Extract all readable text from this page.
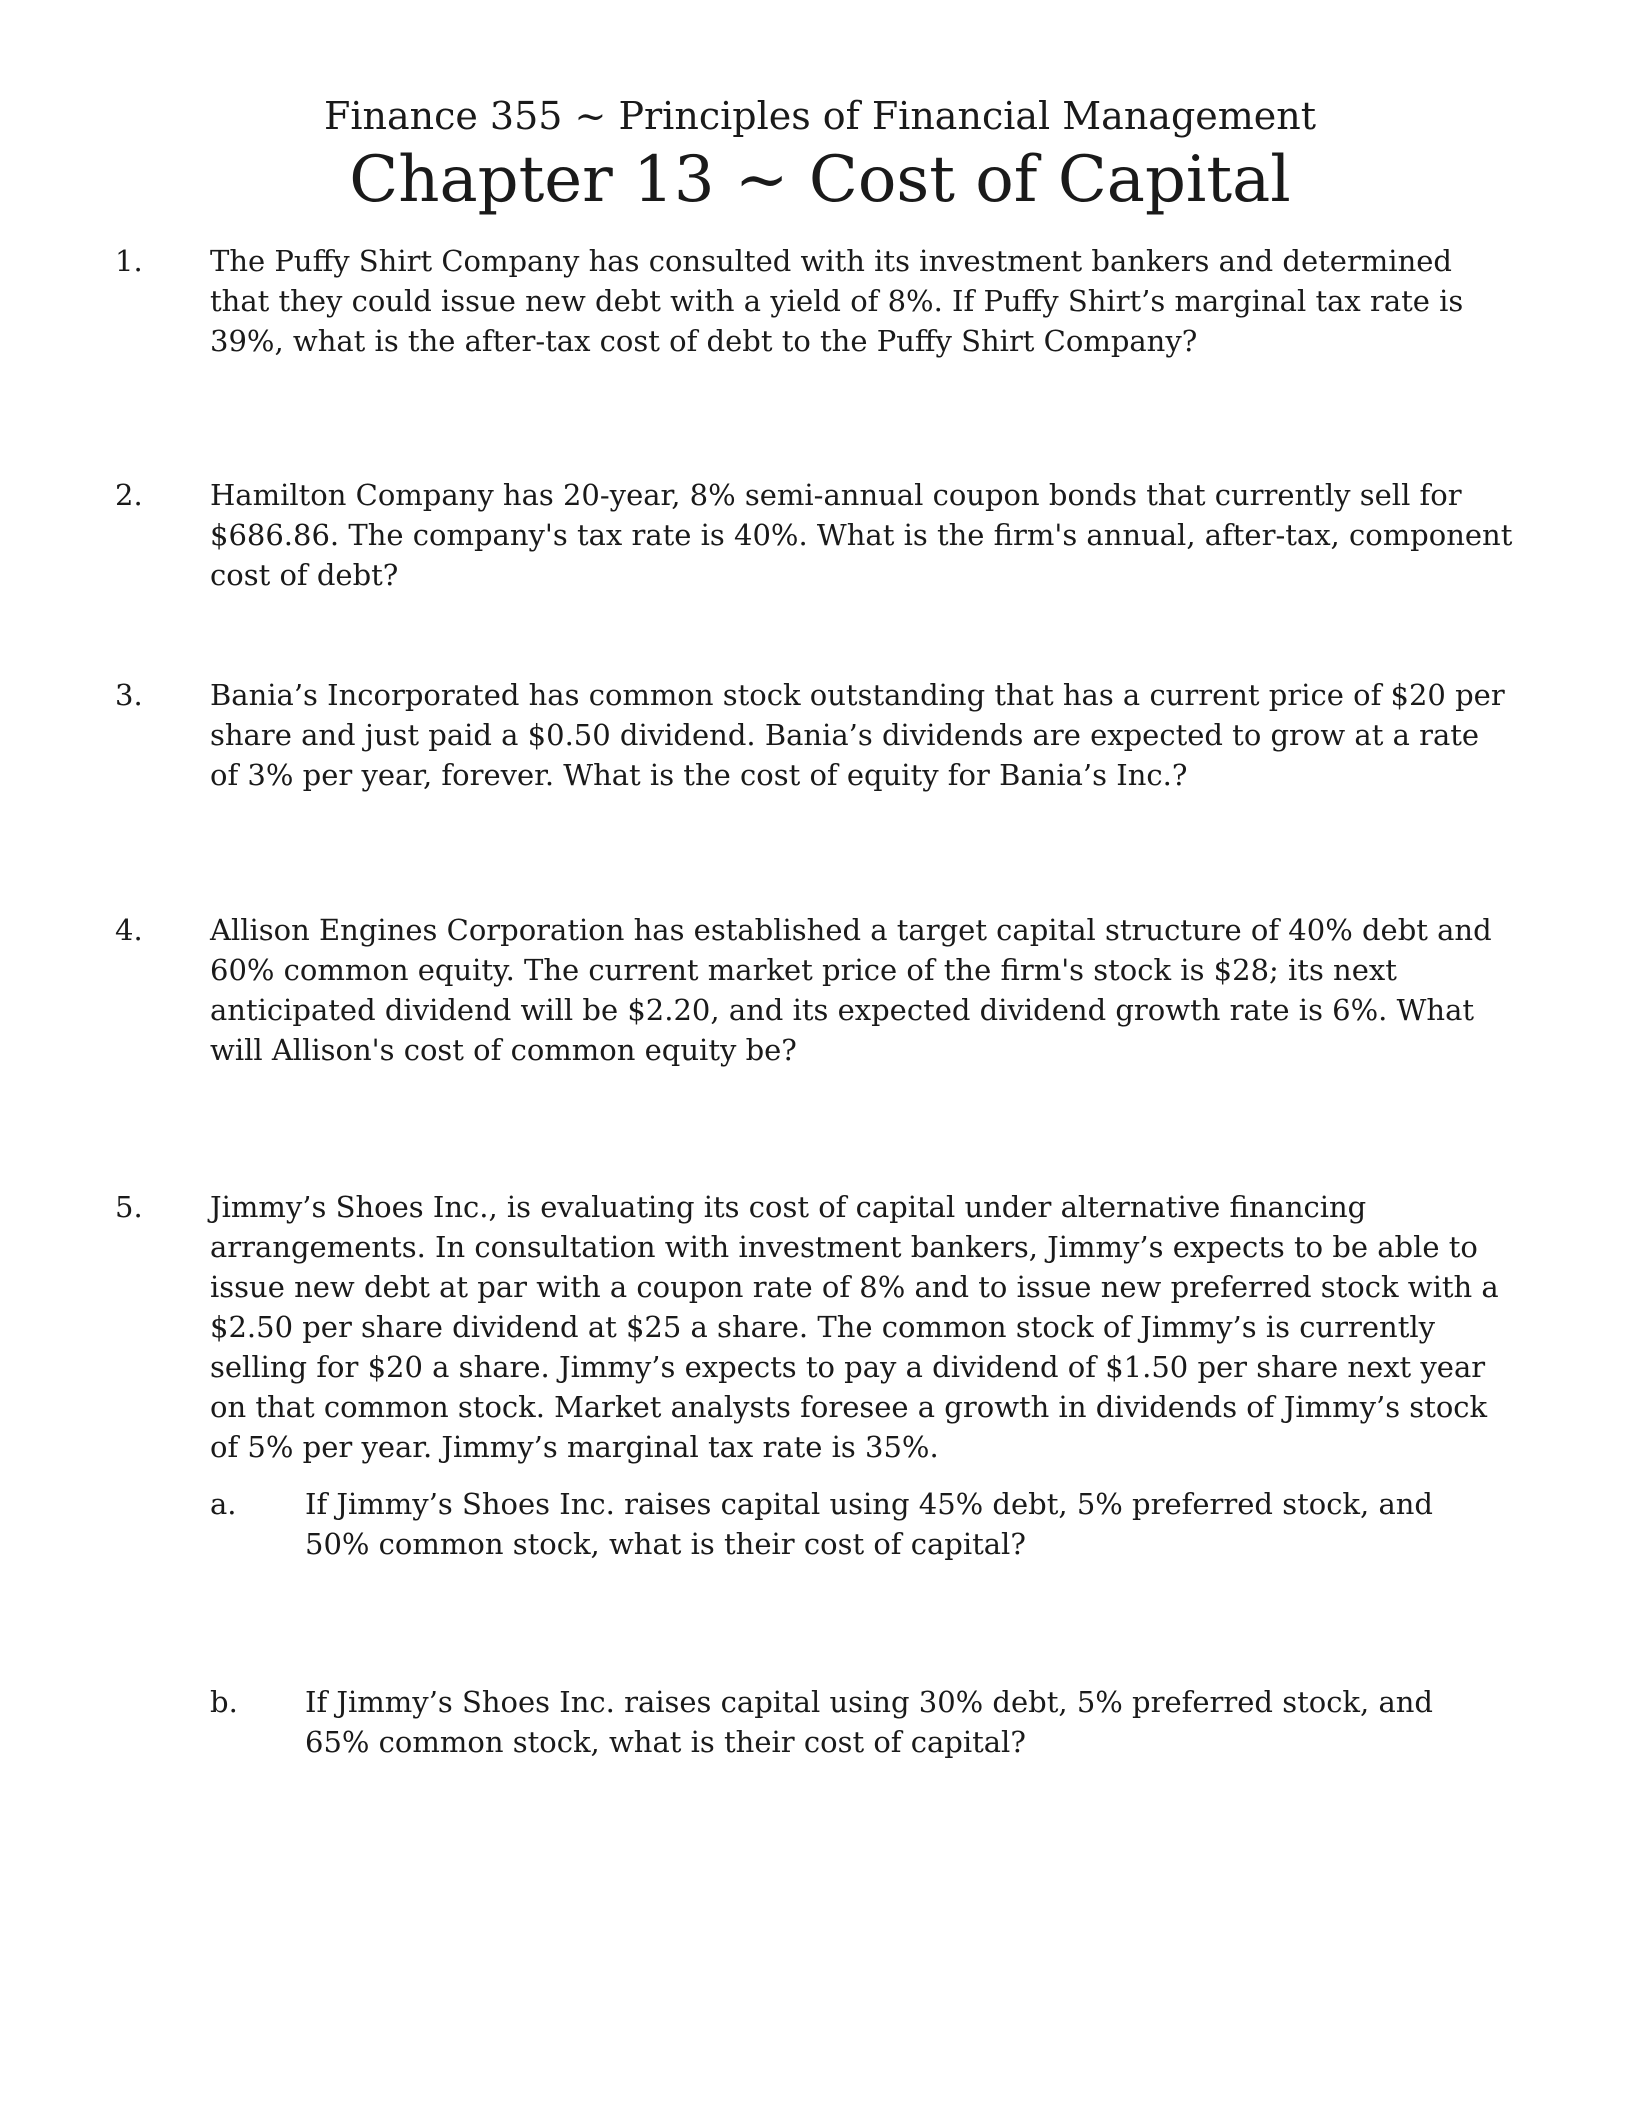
Finance 355 ~ Principles of Financial Management
Chapter 13 ~ Cost of Capital
1.	The Puffy Shirt Company has consulted with its investment bankers and determined that they could issue new debt with a yield of 8%. If Puffy Shirt’s marginal tax rate is 39%, what is the after-tax cost of debt to the Puffy Shirt Company?
2.	Hamilton Company has 20-year, 8% semi-annual coupon bonds that currently sell for $686.86. The company's tax rate is 40%. What is the firm's annual, after-tax, component cost of debt?
3.	Bania’s Incorporated has common stock outstanding that has a current price of $20 per share and just paid a $0.50 dividend. Bania’s dividends are expected to grow at a rate of 3% per year, forever. What is the cost of equity for Bania’s Inc.?
4.	Allison Engines Corporation has established a target capital structure of 40% debt and 60% common equity. The current market price of the firm's stock is $28; its next anticipated dividend will be $2.20, and its expected dividend growth rate is 6%. What will Allison's cost of common equity be?
5.	Jimmy’s Shoes Inc., is evaluating its cost of capital under alternative financing arrangements. In consultation with investment bankers, Jimmy’s expects to be able to issue new debt at par with a coupon rate of 8% and to issue new preferred stock with a $2.50 per share dividend at $25 a share. The common stock of Jimmy’s is currently selling for $20 a share. Jimmy’s expects to pay a dividend of $1.50 per share next year on that common stock. Market analysts foresee a growth in dividends of Jimmy’s stock of 5% per year. Jimmy’s marginal tax rate is 35%.
a.	If Jimmy’s Shoes Inc. raises capital using 45% debt, 5% preferred stock, and 50% common stock, what is their cost of capital?
b.	If Jimmy’s Shoes Inc. raises capital using 30% debt, 5% preferred stock, and 65% common stock, what is their cost of capital?
